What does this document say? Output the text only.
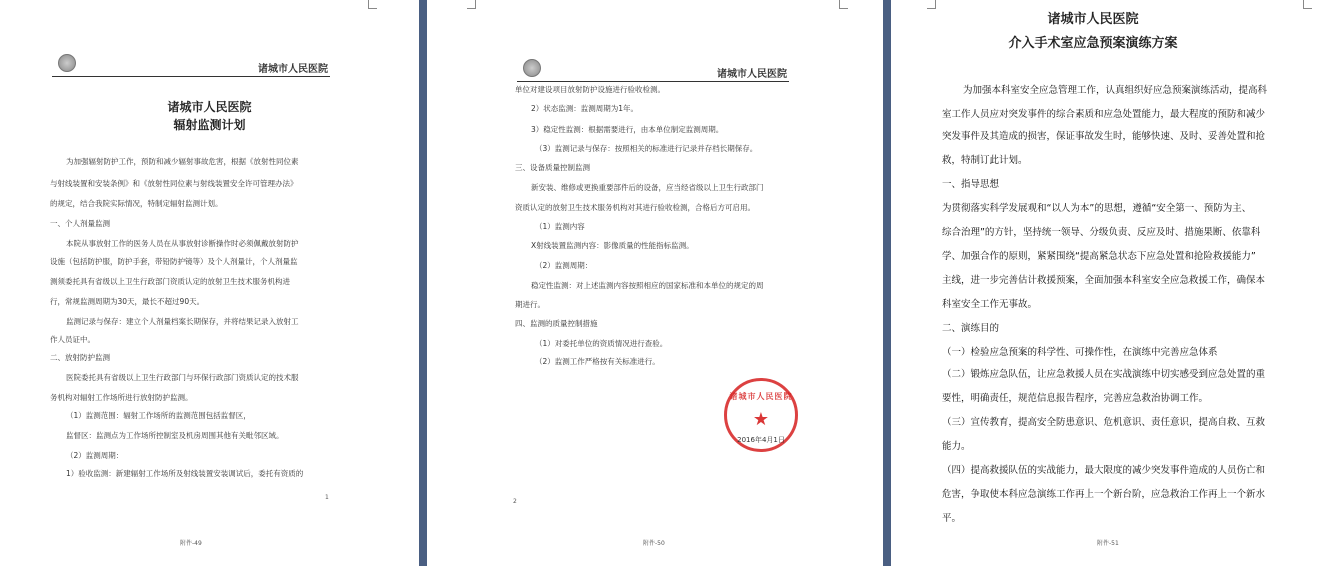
诸城市人民医院
诸城市人民医院
辐射监测计划
为加强辐射防护工作，预防和减少辐射事故危害，根据《放射性同位素
与射线装置和安装条例》和《放射性同位素与射线装置安全许可管理办法》
的规定，结合我院实际情况，特制定辐射监测计划。
一、个人剂量监测
本院从事放射工作的医务人员在从事放射诊断操作时必须佩戴放射防护
设施（包括防护服，防护手套，带铅防护镜等）及个人剂量计，个人剂量监
测须委托具有省级以上卫生行政部门资质认定的放射卫生技术服务机构进
行，常规监测周期为30天，最长不超过90天。
监测记录与保存：建立个人剂量档案长期保存，并将结果记录入放射工
作人员证中。
二、放射防护监测
医院委托具有省级以上卫生行政部门与环保行政部门资质认定的技术服
务机构对辐射工作场所进行放射防护监测。
（1）监测范围：辐射工作场所的监测范围包括监督区，
监督区：监测点为工作场所控制室及机房周围其他有关毗邻区域。
（2）监测周期：
1）验收监测：新建辐射工作场所及射线装置安装调试后，委托有资质的
1
附件-49
诸城市人民医院
单位对建设项目放射防护设施进行验收检测。
2）状态监测：监测周期为1年。
3）稳定性监测：根据需要进行，由本单位制定监测周期。
（3）监测记录与保存：按照相关的标准进行记录并存档长期保存。
三、设备质量控制监测
新安装、维修或更换重要部件后的设备，应当经省级以上卫生行政部门
资质认定的放射卫生技术服务机构对其进行验收检测，合格后方可启用。
（1）监测内容
X射线装置监测内容：影像质量的性能指标监测。
（2）监测周期：
稳定性监测：对上述监测内容按照相应的国家标准和本单位的规定的周
期进行。
四、监测的质量控制措施
（1）对委托单位的资质情况进行查验。
（2）监测工作严格按有关标准进行。
2
附件-50
诸城市人民医院
★
2016年4月1日
诸城市人民医院
介入手术室应急预案演练方案
为加强本科室安全应急管理工作，认真组织好应急预案演练活动，提高科
室工作人员应对突发事件的综合素质和应急处置能力，最大程度的预防和减少
突发事件及其造成的损害，保证事故发生时，能够快速、及时、妥善处置和抢
救，特制订此计划。
一、指导思想
为贯彻落实科学发展观和“以人为本”的思想，遵循“安全第一、预防为主、
综合治理”的方针，坚持统一领导、分级负责、反应及时、措施果断、依靠科
学、加强合作的原则，紧紧围绕“提高紧急状态下应急处置和抢险救援能力”
主线，进一步完善估计救援预案，全面加强本科室安全应急救援工作，确保本
科室安全工作无事故。
二、演练目的
（一）检验应急预案的科学性、可操作性，在演练中完善应急体系
（二）锻炼应急队伍，让应急救援人员在实战演练中切实感受到应急处置的重
要性，明确责任，规范信息报告程序，完善应急救治协调工作。
（三）宣传教育，提高安全防患意识、危机意识、责任意识，提高自救、互救
能力。
（四）提高救援队伍的实战能力，最大限度的减少突发事件造成的人员伤亡和
危害，争取使本科应急演练工作再上一个新台阶，应急救治工作再上一个新水
平。
附件-51
